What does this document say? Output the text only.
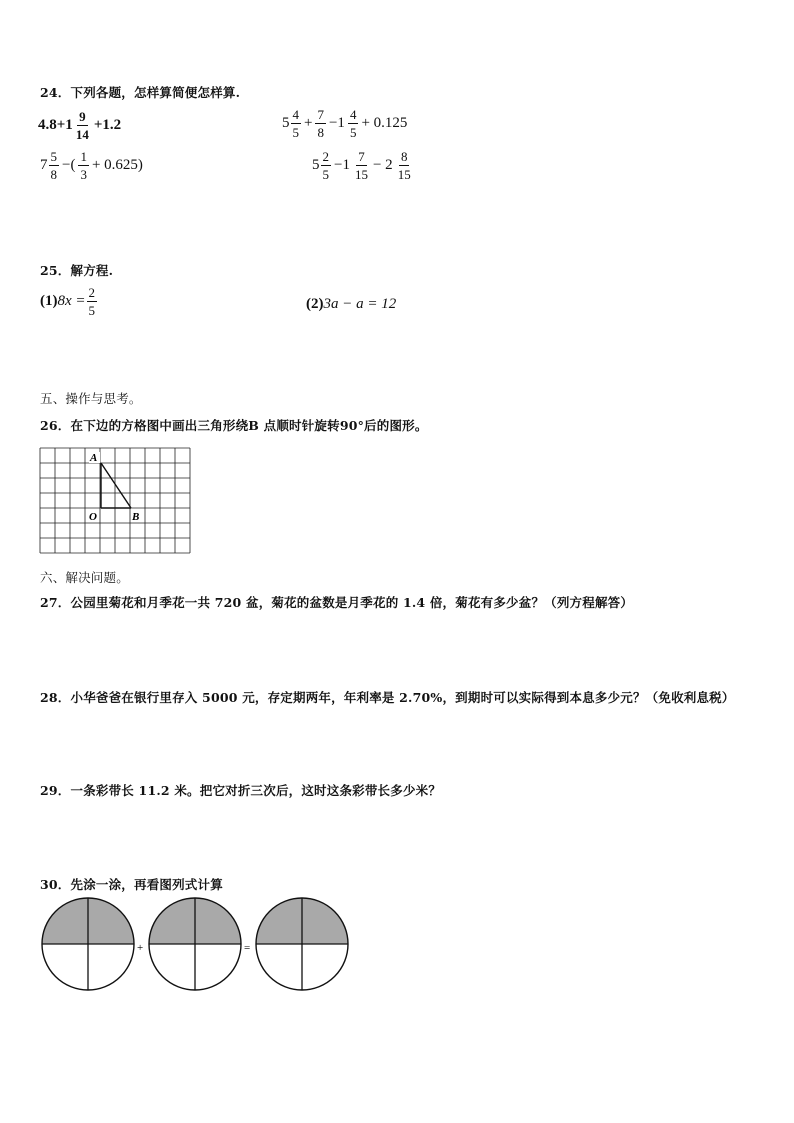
24．下列各题，怎样算简便怎样算.
$4.8+1 \frac{9}{14} +1.2$	$5 \frac{4}{5} + \frac{7}{8} -1 \frac{4}{5} + 0.125$
$7 \frac{5}{8}$ −( $\frac{1}{3} + 0.625$)	$5 \frac{2}{5} -1 \frac{7}{15} - 2 \frac{8}{15}$
25．解方程.
$(1)8x = \frac{2}{5}$	(2)3a − a = 12
五、操作与思考。
26．在下边的方格图中画出三角形绕B 点顺时针旋转90°后的图形。
A
O	B
六、解决问题。
27．公园里菊花和月季花一共 720 盆，菊花的盆数是月季花的 1.4 倍，菊花有多少盆？（列方程解答）
28．小华爸爸在银行里存入 5000 元，存定期两年，年利率是 2.70%，到期时可以实际得到本息多少元？（免收利息税）
29．一条彩带长 11.2 米。把它对折三次后，这时这条彩带长多少米？
30．先涂一涂，再看图列式计算
+	=
